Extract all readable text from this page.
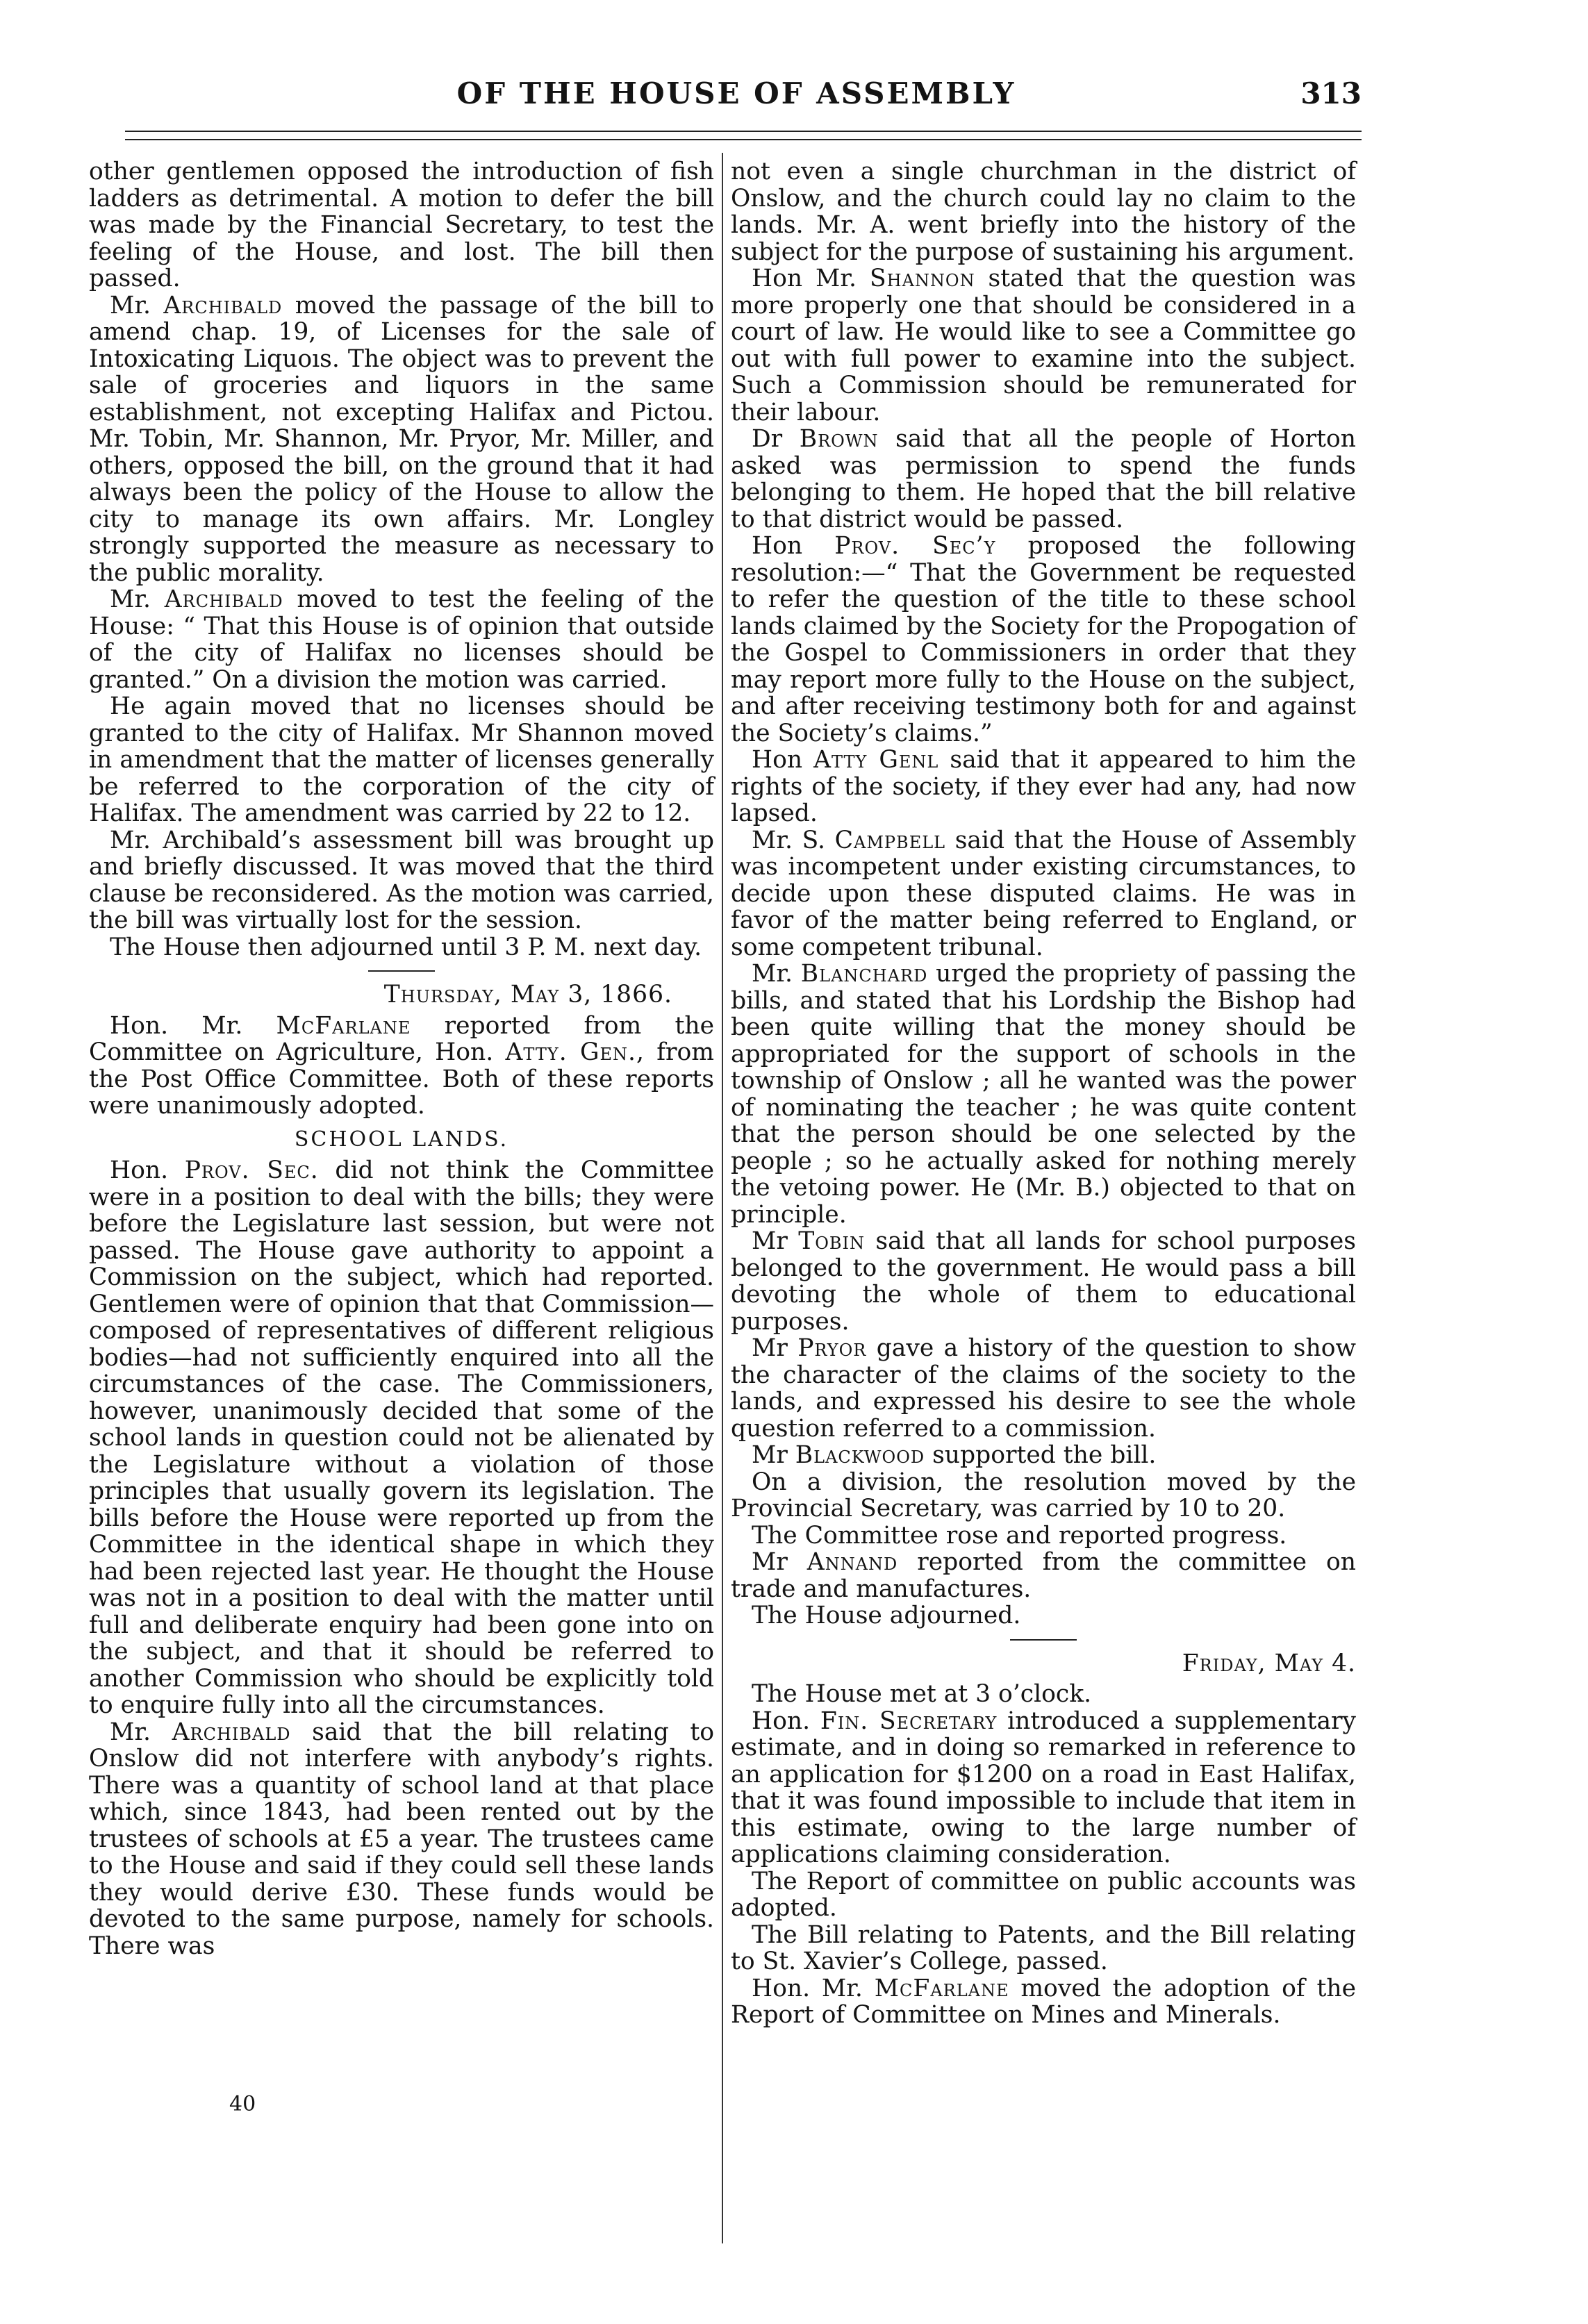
OF THE HOUSE OF ASSEMBLY	313

other gentlemen opposed the introduction of fish ladders as detrimental. A motion to defer the bill was made by the Financial Secretary, to test the feeling of the House, and lost. The bill then passed.

Mr. Archibald moved the passage of the bill to amend chap. 19, of Licenses for the sale of Intoxicating Liquoıs. The object was to prevent the sale of groceries and liquors in the same establishment, not excepting Halifax and Pictou. Mr. Tobin, Mr. Shannon, Mr. Pryor, Mr. Miller, and others, opposed the bill, on the ground that it had always been the policy of the House to allow the city to manage its own affairs. Mr. Longley strongly supported the measure as necessary to the public morality.

Mr. Archibald moved to test the feeling of the House: “ That this House is of opinion that outside of the city of Halifax no licenses should be granted.” On a division the motion was carried.

He again moved that no licenses should be granted to the city of Halifax. Mr Shannon moved in amendment that the matter of licenses generally be referred to the corporation of the city of Halifax. The amendment was carried by 22 to 12.

Mr. Archibald’s assessment bill was brought up and briefly discussed. It was moved that the third clause be reconsidered. As the motion was carried, the bill was virtually lost for the session.

The House then adjourned until 3 P. M. next day.

Thursday, May 3, 1866.

Hon. Mr. McFarlane reported from the Committee on Agriculture, Hon. Atty. Gen., from the Post Office Committee. Both of these reports were unanimously adopted.

SCHOOL LANDS.

Hon. Prov. Sec. did not think the Committee were in a position to deal with the bills; they were before the Legislature last session, but were not passed. The House gave authority to appoint a Commission on the subject, which had reported. Gentlemen were of opinion that that Commission—composed of representatives of different religious bodies—had not sufficiently enquired into all the circumstances of the case. The Commissioners, however, unanimously decided that some of the school lands in question could not be alienated by the Legislature without a violation of those principles that usually govern its legislation. The bills before the House were reported up from the Committee in the identical shape in which they had been rejected last year. He thought the House was not in a position to deal with the matter until full and deliberate enquiry had been gone into on the subject, and that it should be referred to another Commission who should be explicitly told to enquire fully into all the circumstances.

Mr. Archibald said that the bill relating to Onslow did not interfere with anybody’s rights. There was a quantity of school land at that place which, since 1843, had been rented out by the trustees of schools at £5 a year. The trustees came to the House and said if they could sell these lands they would derive £30. These funds would be devoted to the same purpose, namely for schools. There was

40

not even a single churchman in the district of Onslow, and the church could lay no claim to the lands. Mr. A. went briefly into the history of the subject for the purpose of sustaining his argument.

Hon Mr. Shannon stated that the question was more properly one that should be considered in a court of law. He would like to see a Committee go out with full power to examine into the subject. Such a Commission should be remunerated for their labour.

Dr Brown said that all the people of Horton asked was permission to spend the funds belonging to them. He hoped that the bill relative to that district would be passed.

Hon Prov. Sec’y proposed the following resolution:—“ That the Government be requested to refer the question of the title to these school lands claimed by the Society for the Propogation of the Gospel to Commissioners in order that they may report more fully to the House on the subject, and after receiving testimony both for and against the Society’s claims.”

Hon Atty Genl said that it appeared to him the rights of the society, if they ever had any, had now lapsed.

Mr. S. Campbell said that the House of Assembly was incompetent under existing circumstances, to decide upon these disputed claims. He was in favor of the matter being referred to England, or some competent tribunal.

Mr. Blanchard urged the propriety of passing the bills, and stated that his Lordship the Bishop had been quite willing that the money should be appropriated for the support of schools in the township of Onslow ; all he wanted was the power of nominating the teacher ; he was quite content that the person should be one selected by the people ; so he actually asked for nothing merely the vetoing power. He (Mr. B.) objected to that on principle.

Mr Tobin said that all lands for school purposes belonged to the government. He would pass a bill devoting the whole of them to educational purposes.

Mr Pryor gave a history of the question to show the character of the claims of the society to the lands, and expressed his desire to see the whole question referred to a commission.

Mr Blackwood supported the bill.

On a division, the resolution moved by the Provincial Secretary, was carried by 10 to 20.

The Committee rose and reported progress.

Mr Annand reported from the committee on trade and manufactures.

The House adjourned.

Friday, May 4.

The House met at 3 o’clock.

Hon. Fin. Secretary introduced a supplementary estimate, and in doing so remarked in reference to an application for $1200 on a road in East Halifax, that it was found impossible to include that item in this estimate, owing to the large number of applications claiming consideration.

The Report of committee on public accounts was adopted.

The Bill relating to Patents, and the Bill relating to St. Xavier’s College, passed.

Hon. Mr. McFarlane moved the adoption of the Report of Committee on Mines and Minerals.
